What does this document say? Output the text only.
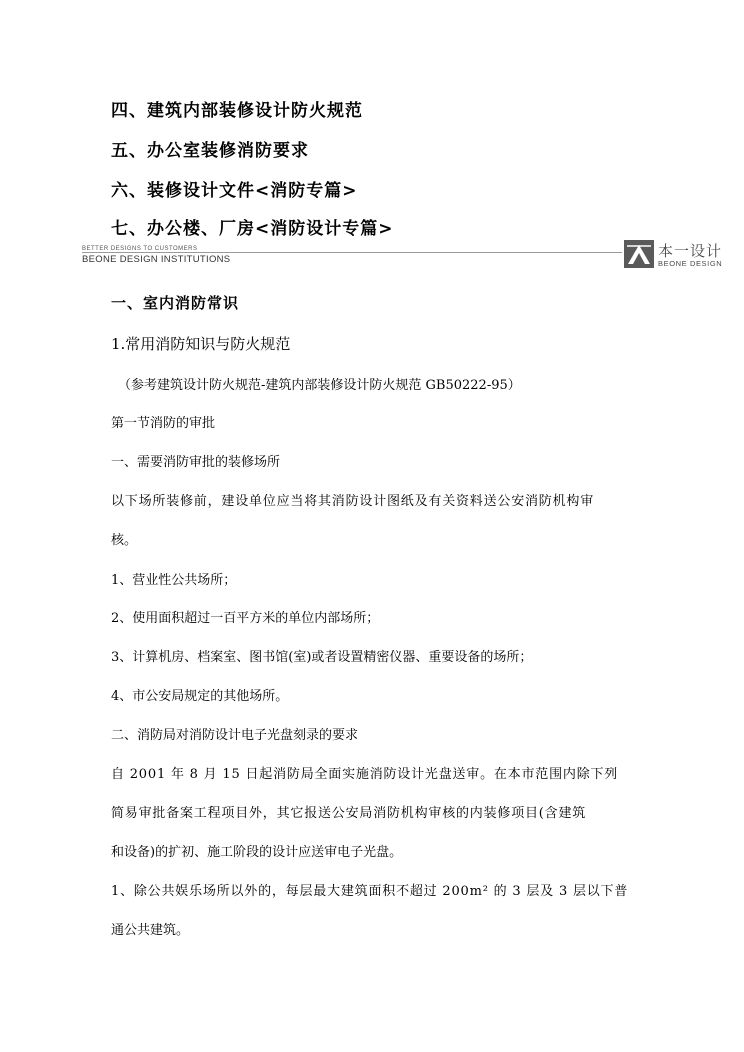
四、建筑内部装修设计防火规范
五、办公室装修消防要求
六、装修设计文件<消防专篇>
七、办公楼、厂房<消防设计专篇>
BETTER DESIGNS TO CUSTOMERS
BEONE DESIGN INSTITUTIONS	本一设计
BEONE DESIGN
一、室内消防常识
1.常用消防知识与防火规范
（参考建筑设计防火规范-建筑内部装修设计防火规范 GB50222-95）
第一节消防的审批
一、需要消防审批的装修场所
以下场所装修前，建设单位应当将其消防设计图纸及有关资料送公安消防机构审
核。
1、营业性公共场所；
2、使用面积超过一百平方米的单位内部场所；
3、计算机房、档案室、图书馆(室)或者设置精密仪器、重要设备的场所；
4、市公安局规定的其他场所。
二、消防局对消防设计电子光盘刻录的要求
自 2001 年 8 月 15 日起消防局全面实施消防设计光盘送审。在本市范围内除下列
简易审批备案工程项目外，其它报送公安局消防机构审核的内装修项目(含建筑
和设备)的扩初、施工阶段的设计应送审电子光盘。
1、除公共娱乐场所以外的，每层最大建筑面积不超过 200m² 的 3 层及 3 层以下普
通公共建筑。
